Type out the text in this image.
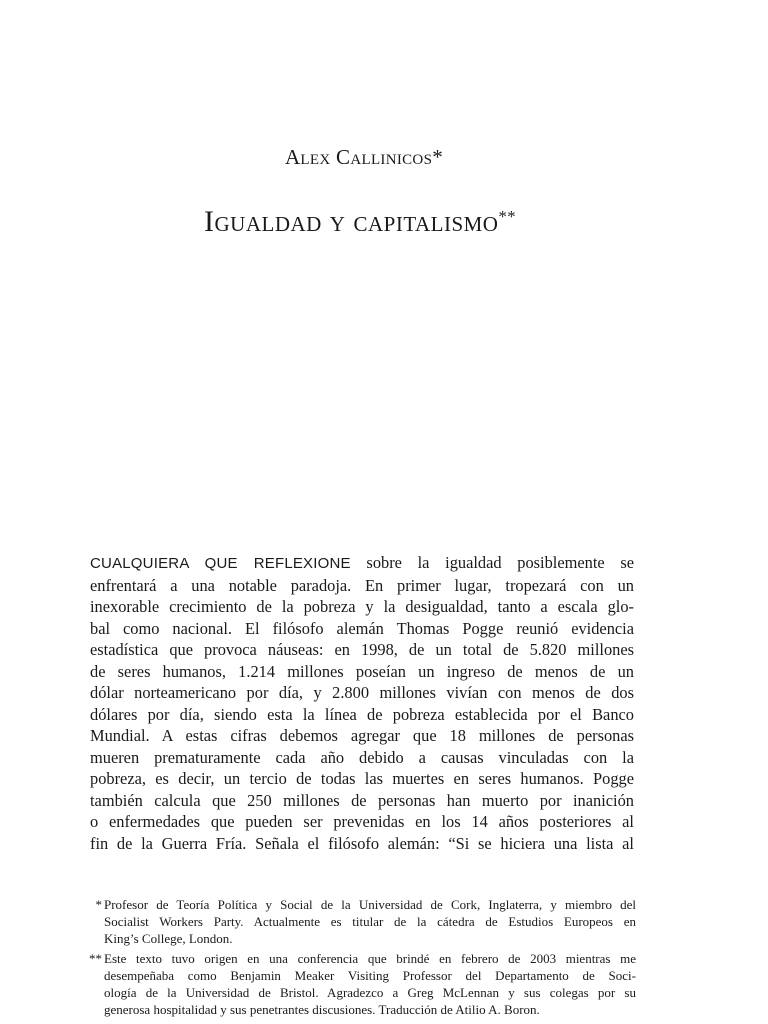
Alex Callinicos*
Igualdad y capitalismo**
CUALQUIERA QUE REFLEXIONE sobre la igualdad posiblemente se
enfrentará a una notable paradoja. En primer lugar, tropezará con un
inexorable crecimiento de la pobreza y la desigualdad, tanto a escala glo-
bal como nacional. El filósofo alemán Thomas Pogge reunió evidencia
estadística que provoca náuseas: en 1998, de un total de 5.820 millones
de seres humanos, 1.214 millones poseían un ingreso de menos de un
dólar norteamericano por día, y 2.800 millones vivían con menos de dos
dólares por día, siendo esta la línea de pobreza establecida por el Banco
Mundial. A estas cifras debemos agregar que 18 millones de personas
mueren prematuramente cada año debido a causas vinculadas con la
pobreza, es decir, un tercio de todas las muertes en seres humanos. Pogge
también calcula que 250 millones de personas han muerto por inanición
o enfermedades que pueden ser prevenidas en los 14 años posteriores al
fin de la Guerra Fría. Señala el filósofo alemán: “Si se hiciera una lista al
* Profesor de Teoría Política y Social de la Universidad de Cork, Inglaterra, y miembro del
Socialist Workers Party. Actualmente es titular de la cátedra de Estudios Europeos en
King’s College, London.
** Este texto tuvo origen en una conferencia que brindé en febrero de 2003 mientras me
desempeñaba como Benjamin Meaker Visiting Professor del Departamento de Soci-
ología de la Universidad de Bristol. Agradezco a Greg McLennan y sus colegas por su
generosa hospitalidad y sus penetrantes discusiones. Traducción de Atilio A. Boron.
